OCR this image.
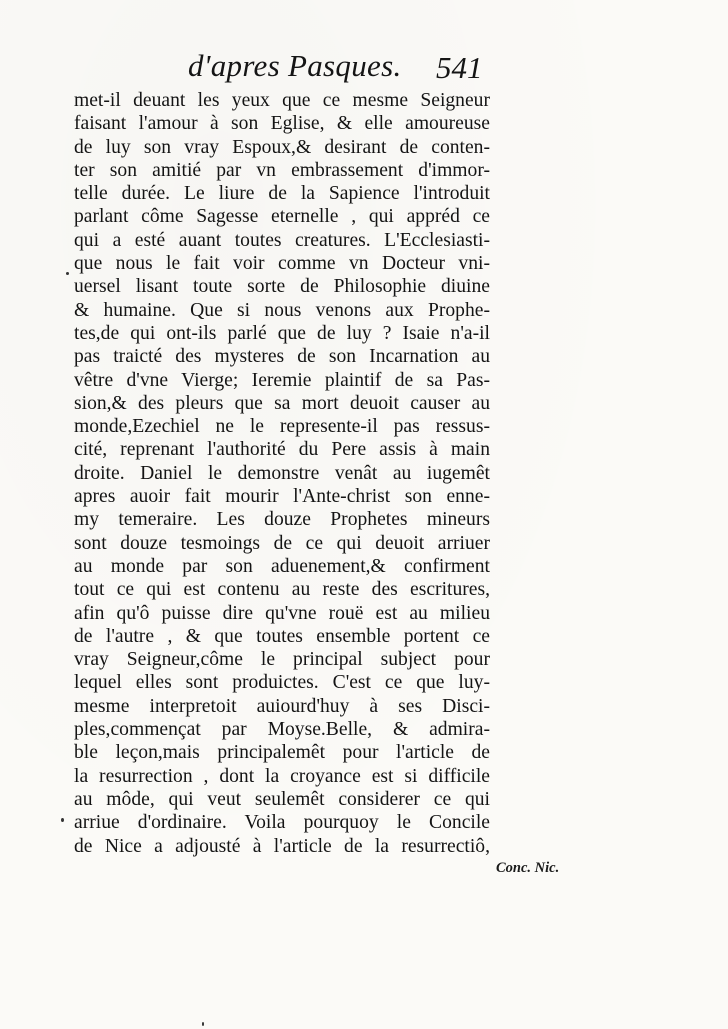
d'apres Pasques. 541
met-il deuant les yeux que ce mesme Seigneur
faisant l'amour à son Eglise, & elle amoureuse
de luy son vray Espoux,& desirant de conten-
ter son amitié par vn embrassement d'immor-
telle durée. Le liure de la Sapience l'introduit
parlant côme Sagesse eternelle , qui appréd ce
qui a esté auant toutes creatures. L'Ecclesiasti-
que nous le fait voir comme vn Docteur vni-
uersel lisant toute sorte de Philosophie diuine
& humaine. Que si nous venons aux Prophe-
tes,de qui ont-ils parlé que de luy ? Isaie n'a-il
pas traicté des mysteres de son Incarnation au
vêtre d'vne Vierge; Ieremie plaintif de sa Pas-
sion,& des pleurs que sa mort deuoit causer au
monde,Ezechiel ne le represente-il pas ressus-
cité, reprenant l'authorité du Pere assis à main
droite. Daniel le demonstre venât au iugemêt
apres auoir fait mourir l'Ante-christ son enne-
my temeraire. Les douze Prophetes mineurs
sont douze tesmoings de ce qui deuoit arriuer
au monde par son aduenement,& confirment
tout ce qui est contenu au reste des escritures,
afin qu'ô puisse dire qu'vne rouë est au milieu
de l'autre , & que toutes ensemble portent ce
vray Seigneur,côme le principal subject pour
lequel elles sont produictes. C'est ce que luy-
mesme interpretoit auiourd'huy à ses Disci-
ples,commençat par Moyse.Belle, & admira-
ble leçon,mais principalemêt pour l'article de
la resurrection , dont la croyance est si difficile
au môde, qui veut seulemêt considerer ce qui
arriue d'ordinaire. Voila pourquoy le Concile
de Nice a adjousté à l'article de la resurrectiô,
Conc. Nic.
